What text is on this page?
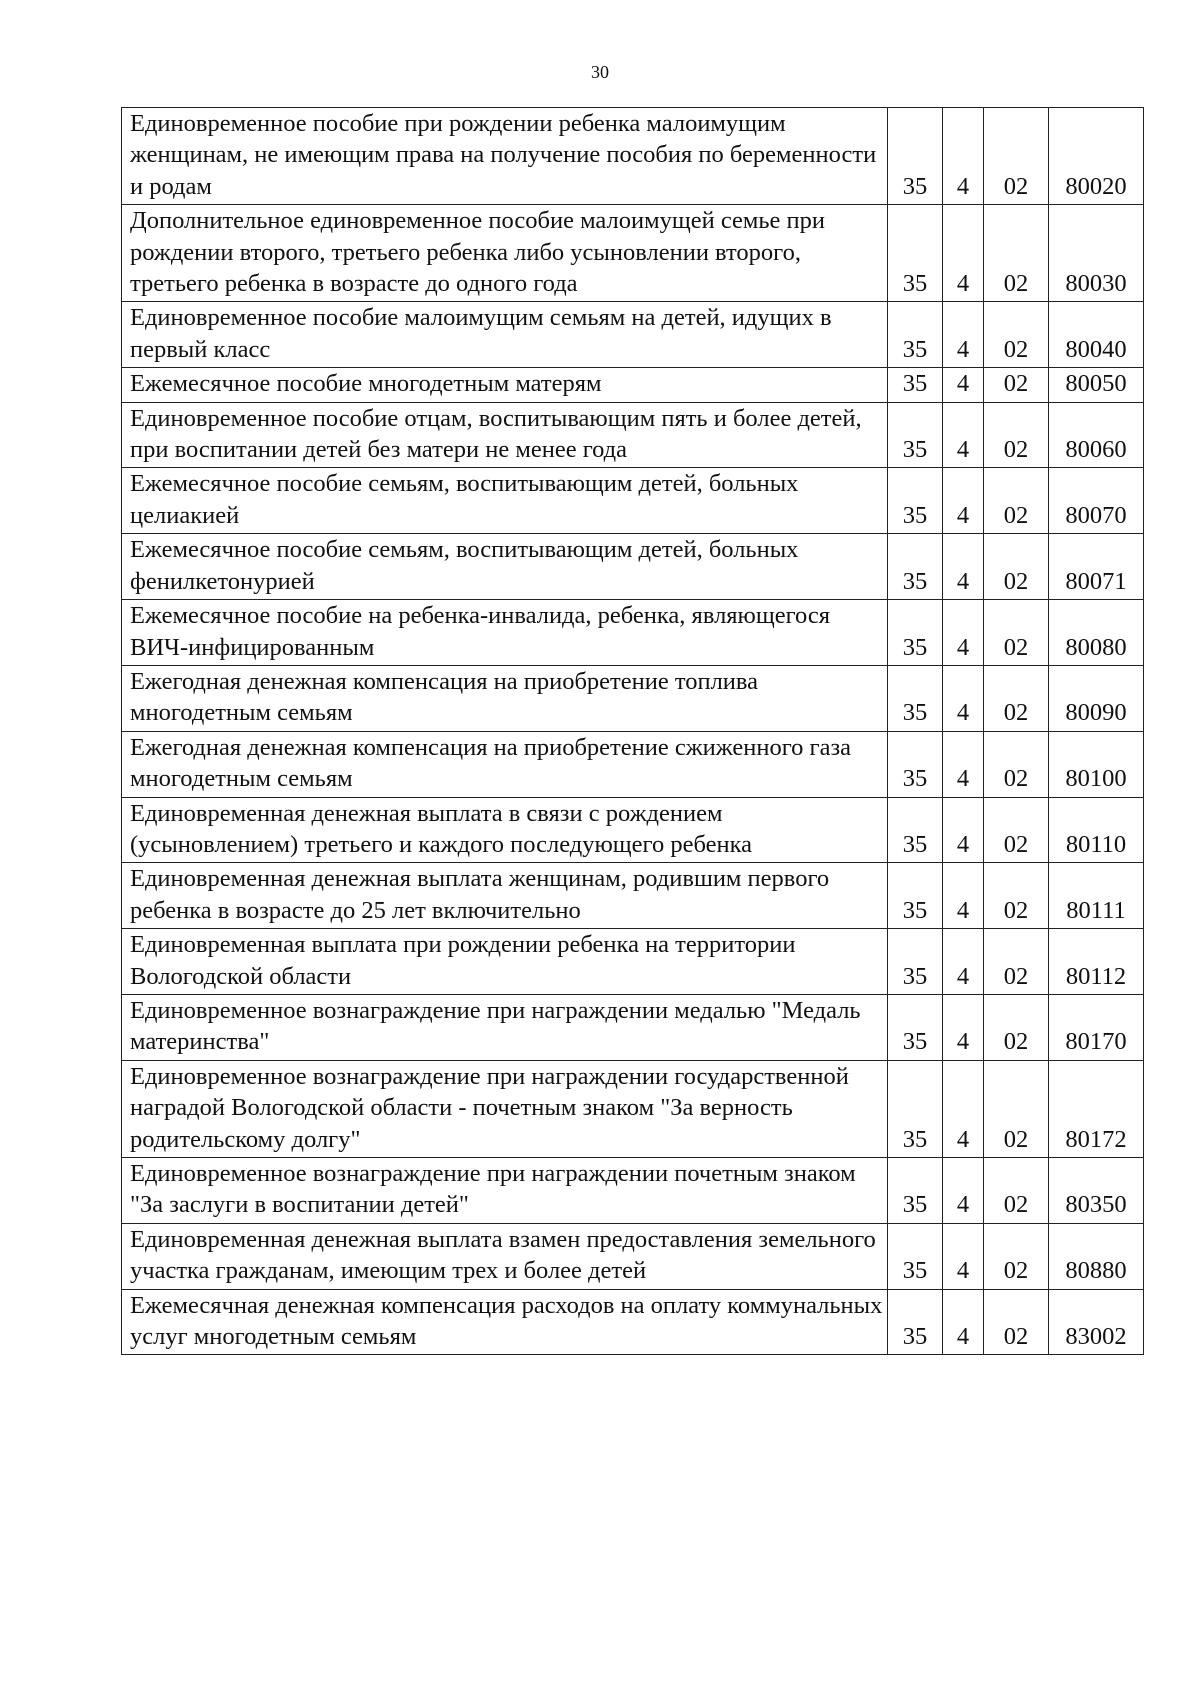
30
Единовременное пособие при рождении ребенка малоимущим женщинам, не имеющим права на получение пособия по беременности и родам	35	4	02	80020
Дополнительное единовременное пособие малоимущей семье при рождении второго, третьего ребенка либо усыновлении второго, третьего ребенка в возрасте до одного года	35	4	02	80030
Единовременное пособие малоимущим семьям на детей, идущих в первый класс	35	4	02	80040
Ежемесячное пособие многодетным матерям	35	4	02	80050
Единовременное пособие отцам, воспитывающим пять и более детей, при воспитании детей без матери не менее года	35	4	02	80060
Ежемесячное пособие семьям, воспитывающим детей, больных целиакией	35	4	02	80070
Ежемесячное пособие семьям, воспитывающим детей, больных фенилкетонурией	35	4	02	80071
Ежемесячное пособие на ребенка-инвалида, ребенка, являющегося ВИЧ-инфицированным	35	4	02	80080
Ежегодная денежная компенсация на приобретение топлива многодетным семьям	35	4	02	80090
Ежегодная денежная компенсация на приобретение сжиженного газа многодетным семьям	35	4	02	80100
Единовременная денежная выплата в связи с рождением (усыновлением) третьего и каждого последующего ребенка	35	4	02	80110
Единовременная денежная выплата женщинам, родившим первого ребенка в возрасте до 25 лет включительно	35	4	02	80111
Единовременная выплата при рождении ребенка на территории Вологодской области	35	4	02	80112
Единовременное вознаграждение при награждении медалью "Медаль материнства"	35	4	02	80170
Единовременное вознаграждение при награждении государственной наградой Вологодской области - почетным знаком "За верность родительскому долгу"	35	4	02	80172
Единовременное вознаграждение при награждении почетным знаком "За заслуги в воспитании детей"	35	4	02	80350
Единовременная денежная выплата взамен предоставления земельного участка гражданам, имеющим трех и более детей	35	4	02	80880
Ежемесячная денежная компенсация расходов на оплату коммунальных услуг многодетным семьям	35	4	02	83002
